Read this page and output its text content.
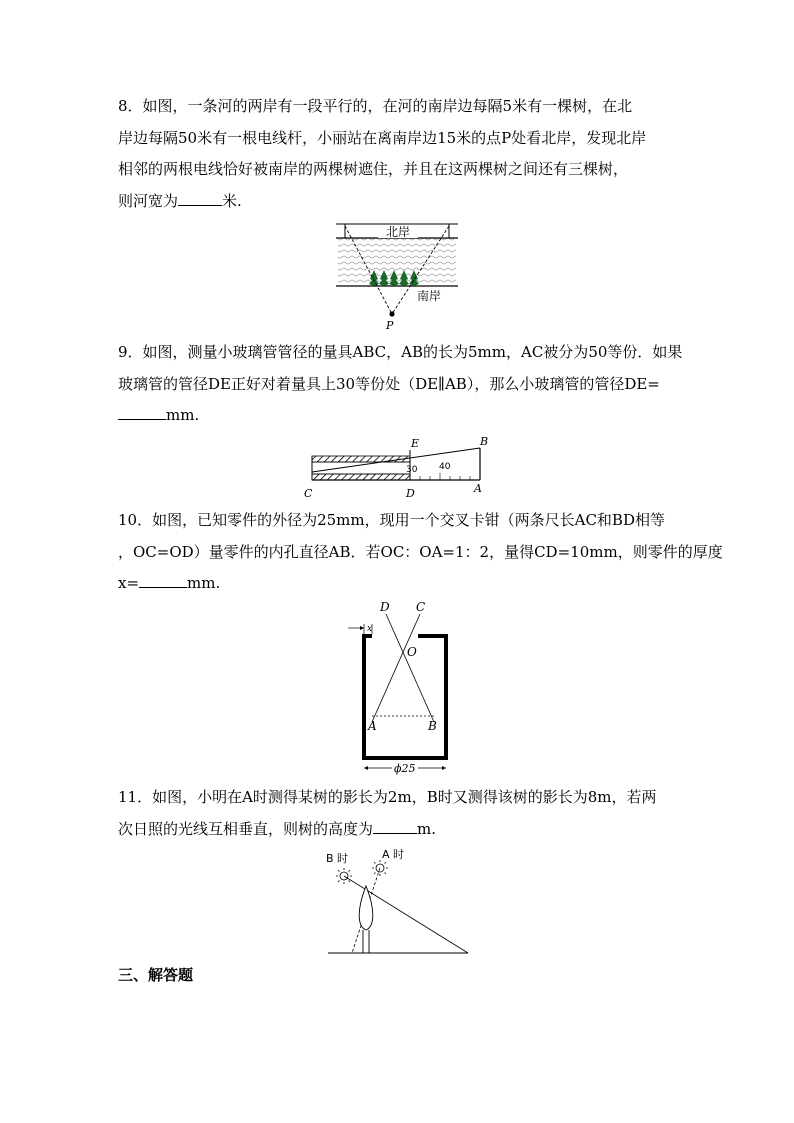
8．如图，一条河的两岸有一段平行的，在河的南岸边每隔5米有一棵树，在北
岸边每隔50米有一根电线杆，小丽站在离南岸边15米的点P处看北岸，发现北岸
相邻的两根电线恰好被南岸的两棵树遮住，并且在这两棵树之间还有三棵树，
则河宽为	米.
北岸
南岸
P
9．如图，测量小玻璃管管径的量具ABC，AB的长为5mm，AC被分为50等份．如果
玻璃管的管径DE正好对着量具上30等份处（DE∥AB），那么小玻璃管的管径DE=
mm.
E	B
30 40
C	D	A
10．如图，已知零件的外径为25mm，现用一个交叉卡钳（两条尺长AC和BD相等
，OC=OD）量零件的内孔直径AB．若OC：OA=1：2，量得CD=10mm，则零件的厚度
x=	mm.
x
D C
O
A	B
ϕ25
11．如图，小明在A时测得某树的影长为2m，B时又测得该树的影长为8m，若两
次日照的光线互相垂直，则树的高度为	m.
B 时	A 时
三、解答题
